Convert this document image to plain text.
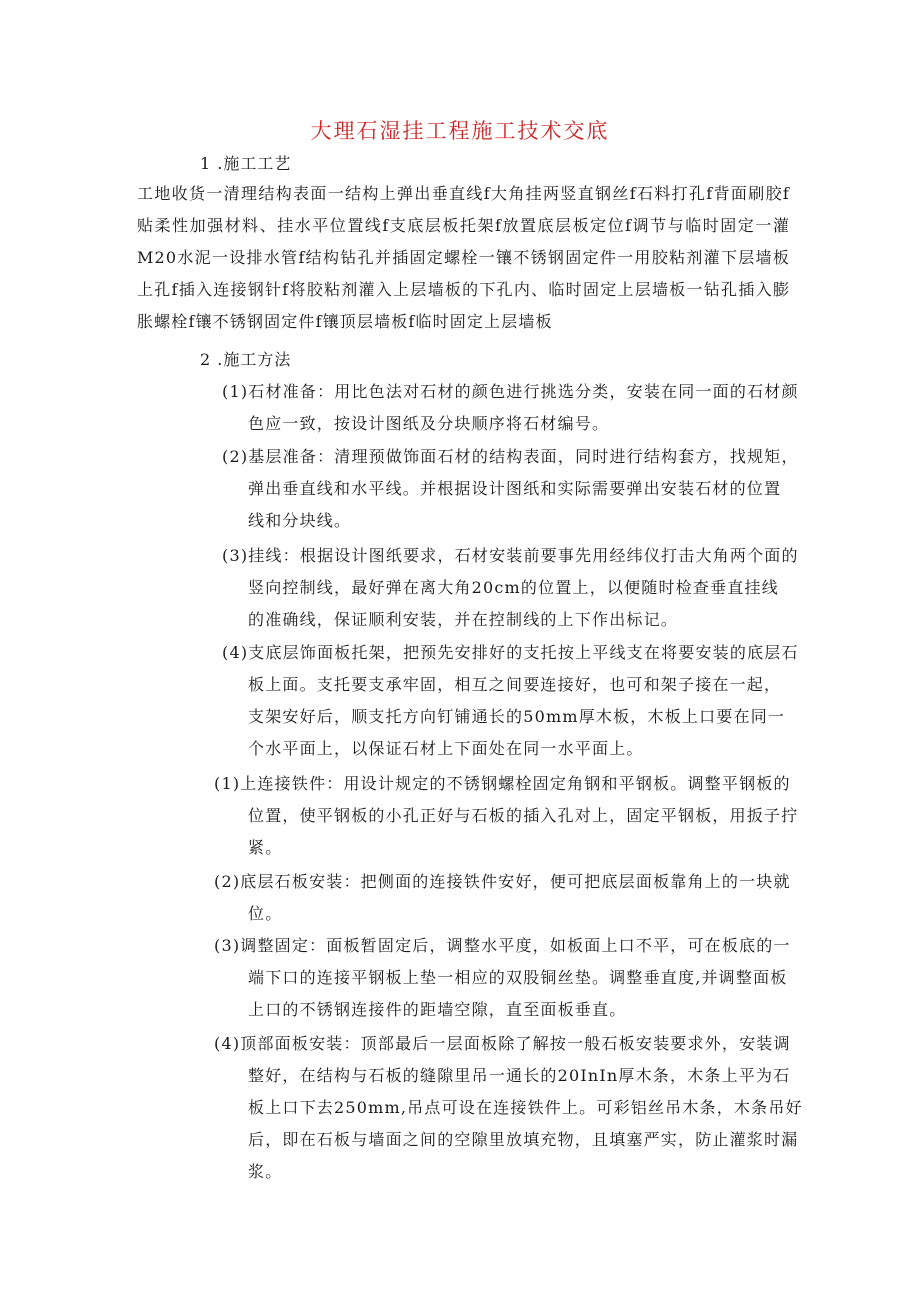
大理石湿挂工程施工技术交底
1 .施工工艺
工地收货一清理结构表面一结构上弹出垂直线f大角挂两竖直钢丝f石料打孔f背面刷胶f贴柔性加强材料、挂水平位置线f支底层板托架f放置底层板定位f调节与临时固定一灌M20水泥一设排水管f结构钻孔并插固定螺栓一镶不锈钢固定件一用胶粘剂灌下层墙板上孔f插入连接钢针f将胶粘剂灌入上层墙板的下孔内、临时固定上层墙板一钻孔插入膨胀螺栓f镶不锈钢固定件f镶顶层墙板f临时固定上层墙板
2 .施工方法
(1)石材准备：用比色法对石材的颜色进行挑选分类，安装在同一面的石材颜
色应一致，按设计图纸及分块顺序将石材编号。
(2)基层准备：清理预做饰面石材的结构表面，同时进行结构套方，找规矩，
弹出垂直线和水平线。并根据设计图纸和实际需要弹出安装石材的位置
线和分块线。
(3)挂线：根据设计图纸要求，石材安装前要事先用经纬仪打击大角两个面的
竖向控制线，最好弹在离大角20cm的位置上，以便随时检查垂直挂线
的准确线，保证顺利安装，并在控制线的上下作出标记。
(4)支底层饰面板托架，把预先安排好的支托按上平线支在将要安装的底层石
板上面。支托要支承牢固，相互之间要连接好，也可和架子接在一起，
支架安好后，顺支托方向钉铺通长的50mm厚木板，木板上口要在同一
个水平面上，以保证石材上下面处在同一水平面上。
(1)上连接铁件：用设计规定的不锈钢螺栓固定角钢和平钢板。调整平钢板的
位置，使平钢板的小孔正好与石板的插入孔对上，固定平钢板，用扳子拧
紧。
(2)底层石板安装：把侧面的连接铁件安好，便可把底层面板靠角上的一块就
位。
(3)调整固定：面板暂固定后，调整水平度，如板面上口不平，可在板底的一
端下口的连接平钢板上垫一相应的双股铜丝垫。调整垂直度,并调整面板
上口的不锈钢连接件的距墙空隙，直至面板垂直。
(4)顶部面板安装：顶部最后一层面板除了解按一般石板安装要求外，安装调
整好，在结构与石板的缝隙里吊一通长的20InIn厚木条，木条上平为石
板上口下去250mm,吊点可设在连接铁件上。可彩铝丝吊木条，木条吊好
后，即在石板与墙面之间的空隙里放填充物，且填塞严实，防止灌浆时漏
浆。
